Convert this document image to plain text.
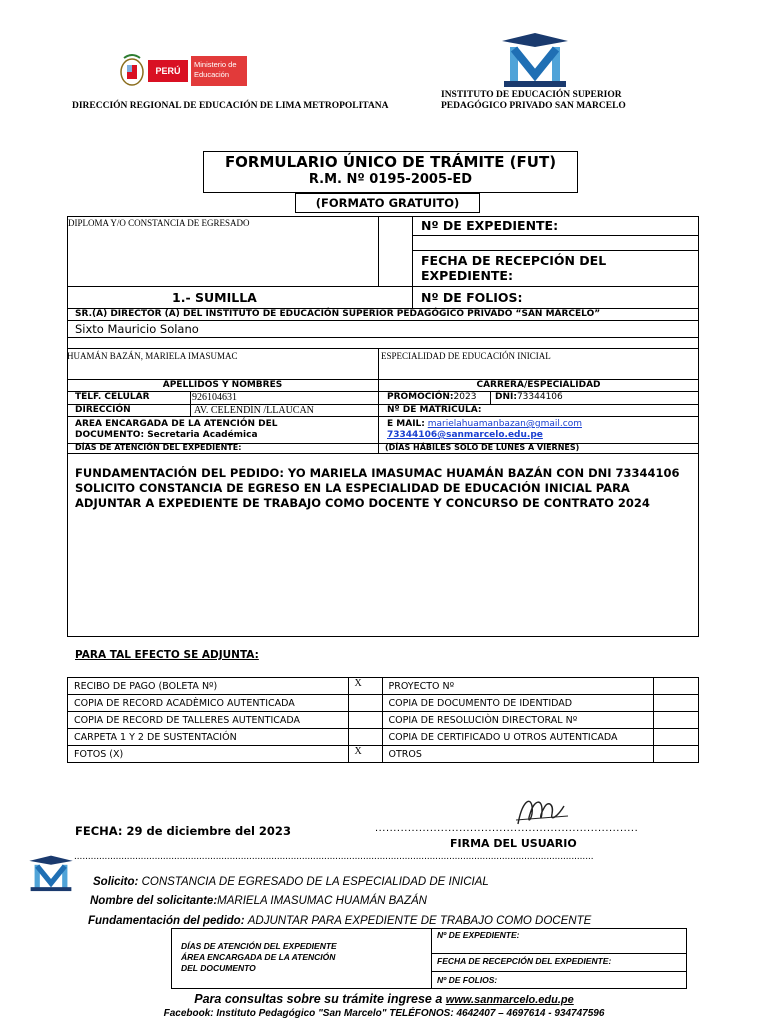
PERÚ
Ministerio de Educación
DIRECCIÓN REGIONAL DE EDUCACIÓN DE LIMA METROPOLITANA
INSTITUTO DE EDUCACIÓN SUPERIOR
PEDAGÓGICO PRIVADO SAN MARCELO
FORMULARIO ÚNICO DE TRÁMITE (FUT)
R.M. Nº 0195-2005-ED
(FORMATO GRATUITO)
DIPLOMA Y/O CONSTANCIA DE EGRESADO	Nº DE EXPEDIENTE:
FECHA DE RECEPCIÓN DEL EXPEDIENTE:
1.- SUMILLA	Nº DE FOLIOS:
SR.(A) DIRECTOR (A) DEL INSTITUTO DE EDUCACIÓN SUPERIOR PEDAGÓGICO PRIVADO “SAN MARCELO”
Sixto Mauricio Solano
HUAMÁN BAZÁN, MARIELA IMASUMAC	ESPECIALIDAD DE EDUCACIÓN INICIAL
APELLIDOS Y NOMBRES	CARRERA/ESPECIALIDAD
TELF. CELULAR	926104631	PROMOCIÓN:2023 DNI:73344106
DIRECCIÓN	AV. CELENDÍN /LLAUCAN	Nº DE MATRICULA:
AREA ENCARGADA DE LA ATENCIÓN DEL
DOCUMENTO: Secretaria Académica
E MAIL: marielahuamanbazan@gmail.com
73344106@sanmarcelo.edu.pe
DÍAS DE ATENCIÓN DEL EXPEDIENTE:	(DÍAS HÁBILES SOLO DE LUNES A VIERNES)
FUNDAMENTACIÓN DEL PEDIDO: YO MARIELA IMASUMAC HUAMÁN BAZÁN CON DNI 73344106 SOLICITO CONSTANCIA DE EGRESO EN LA ESPECIALIDAD DE EDUCACIÓN INICIAL PARA ADJUNTAR A EXPEDIENTE DE TRABAJO COMO DOCENTE Y CONCURSO DE CONTRATO 2024
PARA TAL EFECTO SE ADJUNTA:
RECIBO DE PAGO (BOLETA Nº)	X	PROYECTO Nº	
COPIA DE RECORD ACADÈMICO AUTENTICADA		COPIA DE DOCUMENTO DE IDENTIDAD	
COPIA DE RECORD DE TALLERES AUTENTICADA		COPIA DE RESOLUCIÒN DIRECTORAL Nº	
CARPETA 1 Y 2 DE SUSTENTACIÓN		COPIA DE CERTIFICADO U OTROS AUTENTICADA	
FOTOS (X)	X	OTROS	
FECHA: 29 de diciembre del 2023	........................................................................
FIRMA DEL USUARIO
...........................................................................................................................................................................................
Solicito: CONSTANCIA DE EGRESADO DE LA ESPECIALIDAD DE INICIAL
Nombre del solicitante:MARIELA IMASUMAC HUAMÁN BAZÁN
Fundamentación del pedido: ADJUNTAR PARA EXPEDIENTE DE TRABAJO COMO DOCENTE
DÍAS DE ATENCIÓN DEL EXPEDIENTE
ÁREA ENCARGADA DE LA ATENCIÓN
DEL DOCUMENTO
Nº DE EXPEDIENTE:
FECHA DE RECEPCIÓN DEL EXPEDIENTE:
Nº DE FOLIOS:
Para consultas sobre su trámite ingrese a www.sanmarcelo.edu.pe
Facebook: Instituto Pedagógico "San Marcelo" TELÉFONOS: 4642407 – 4697614 - 934747596
